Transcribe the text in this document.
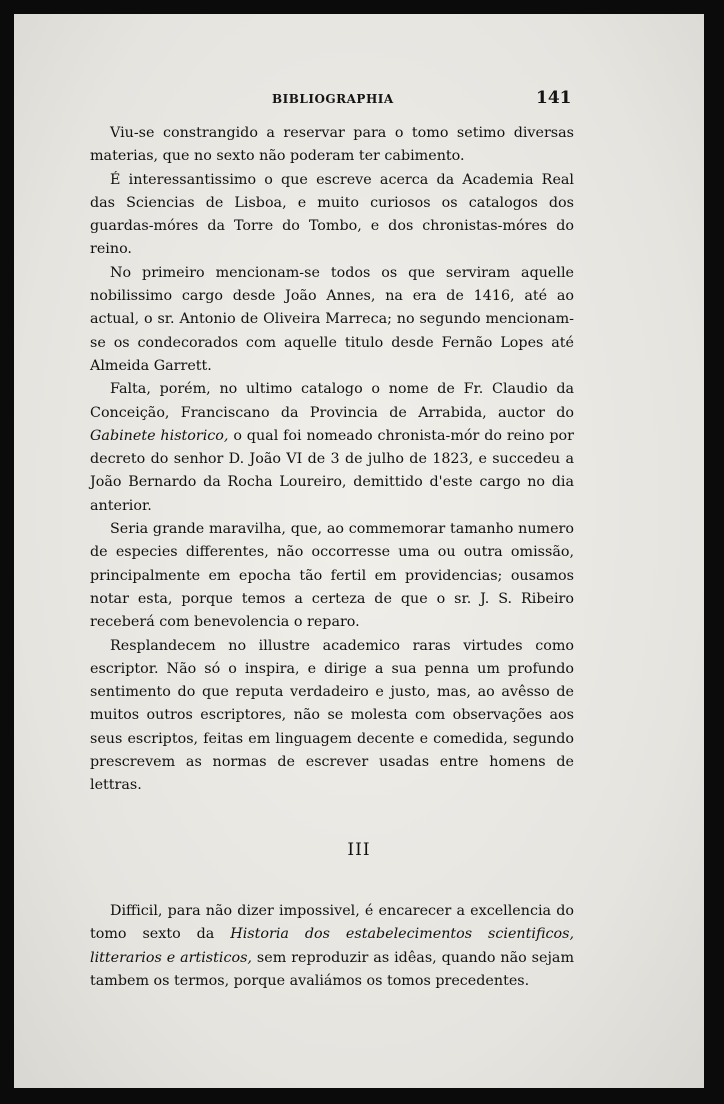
BIBLIOGRAPHIA	141

Viu-se constrangido a reservar para o tomo setimo diversas materias, que no sexto não poderam ter cabimento.

É interessantissimo o que escreve acerca da Academia Real das Sciencias de Lisboa, e muito curiosos os catalogos dos guardas-móres da Torre do Tombo, e dos chronistas-móres do reino.

No primeiro mencionam-se todos os que serviram aquelle nobilissimo cargo desde João Annes, na era de 1416, até ao actual, o sr. Antonio de Oliveira Marreca; no segundo mencionam-se os condecorados com aquelle titulo desde Fernão Lopes até Almeida Garrett.

Falta, porém, no ultimo catalogo o nome de Fr. Claudio da Conceição, Franciscano da Provincia de Arrabida, auctor do Gabinete historico, o qual foi nomeado chronista-mór do reino por decreto do senhor D. João VI de 3 de julho de 1823, e succedeu a João Bernardo da Rocha Loureiro, demittido d'este cargo no dia anterior.

Seria grande maravilha, que, ao commemorar tamanho numero de especies differentes, não occorresse uma ou outra omissão, principalmente em epocha tão fertil em providencias; ousamos notar esta, porque temos a certeza de que o sr. J. S. Ribeiro receberá com benevolencia o reparo.

Resplandecem no illustre academico raras virtudes como escriptor. Não só o inspira, e dirige a sua penna um profundo sentimento do que reputa verdadeiro e justo, mas, ao avêsso de muitos outros escriptores, não se molesta com observações aos seus escriptos, feitas em linguagem decente e comedida, segundo prescrevem as normas de escrever usadas entre homens de lettras.

III

Difficil, para não dizer impossivel, é encarecer a excellencia do tomo sexto da Historia dos estabelecimentos scientificos, litterarios e artisticos, sem reproduzir as idêas, quando não sejam tambem os termos, porque avaliámos os tomos precedentes.
